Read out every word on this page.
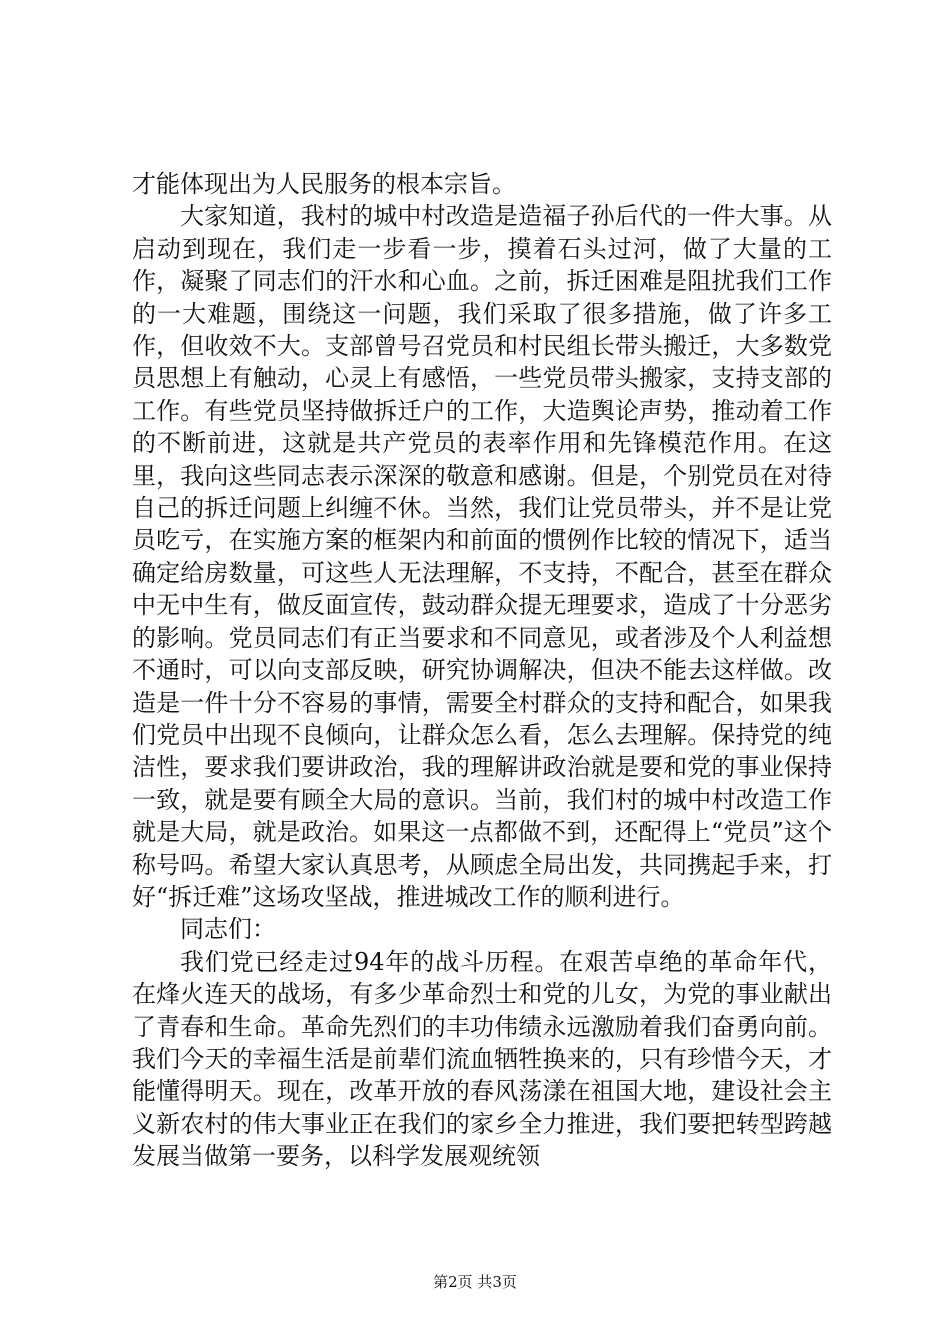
才能体现出为人民服务的根本宗旨。

大家知道，我村的城中村改造是造福子孙后代的一件大事。从启动到现在，我们走一步看一步，摸着石头过河，做了大量的工作，凝聚了同志们的汗水和心血。之前，拆迁困难是阻扰我们工作的一大难题，围绕这一问题，我们采取了很多措施，做了许多工作，但收效不大。支部曾号召党员和村民组长带头搬迁，大多数党员思想上有触动，心灵上有感悟，一些党员带头搬家，支持支部的工作。有些党员坚持做拆迁户的工作，大造舆论声势，推动着工作的不断前进，这就是共产党员的表率作用和先锋模范作用。在这里，我向这些同志表示深深的敬意和感谢。但是，个别党员在对待自己的拆迁问题上纠缠不休。当然，我们让党员带头，并不是让党员吃亏，在实施方案的框架内和前面的惯例作比较的情况下，适当确定给房数量，可这些人无法理解，不支持，不配合，甚至在群众中无中生有，做反面宣传，鼓动群众提无理要求，造成了十分恶劣的影响。党员同志们有正当要求和不同意见，或者涉及个人利益想不通时，可以向支部反映，研究协调解决，但决不能去这样做。改造是一件十分不容易的事情，需要全村群众的支持和配合，如果我们党员中出现不良倾向，让群众怎么看，怎么去理解。保持党的纯洁性，要求我们要讲政治，我的理解讲政治就是要和党的事业保持一致，就是要有顾全大局的意识。当前，我们村的城中村改造工作就是大局，就是政治。如果这一点都做不到，还配得上“党员”这个称号吗。希望大家认真思考，从顾虑全局出发，共同携起手来，打好“拆迁难”这场攻坚战，推进城改工作的顺利进行。

同志们：

我们党已经走过94年的战斗历程。在艰苦卓绝的革命年代，在烽火连天的战场，有多少革命烈士和党的儿女，为党的事业献出了青春和生命。革命先烈们的丰功伟绩永远激励着我们奋勇向前。我们今天的幸福生活是前辈们流血牺牲换来的，只有珍惜今天，才能懂得明天。现在，改革开放的春风荡漾在祖国大地，建设社会主义新农村的伟大事业正在我们的家乡全力推进，我们要把转型跨越发展当做第一要务，以科学发展观统领

第2页 共3页
